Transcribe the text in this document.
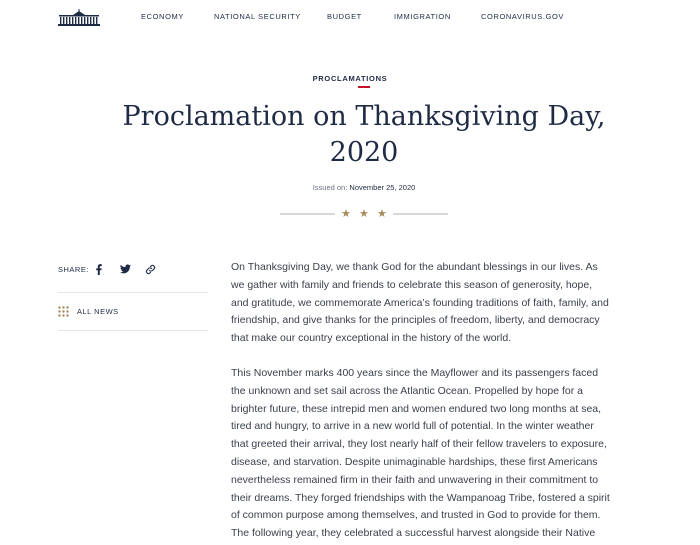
ECONOMY	NATIONAL SECURITY	BUDGET	IMMIGRATION	CORONAVIRUS.GOV
PROCLAMATIONS
Proclamation on Thanksgiving Day, 2020
Issued on: November 25, 2020
★ ★ ★
SHARE:
ALL NEWS

On Thanksgiving Day, we thank God for the abundant blessings in our lives. As we gather with family and friends to celebrate this season of generosity, hope, and gratitude, we commemorate America’s founding traditions of faith, family, and friendship, and give thanks for the principles of freedom, liberty, and democracy that make our country exceptional in the history of the world.

This November marks 400 years since the Mayflower and its passengers faced the unknown and set sail across the Atlantic Ocean. Propelled by hope for a brighter future, these intrepid men and women endured two long months at sea, tired and hungry, to arrive in a new world full of potential. In the winter weather that greeted their arrival, they lost nearly half of their fellow travelers to exposure, disease, and starvation. Despite unimaginable hardships, these first Americans nevertheless remained firm in their faith and unwavering in their commitment to their dreams. They forged friendships with the Wampanoag Tribe, fostered a spirit of common purpose among themselves, and trusted in God to provide for them. The following year, they celebrated a successful harvest alongside their Native
